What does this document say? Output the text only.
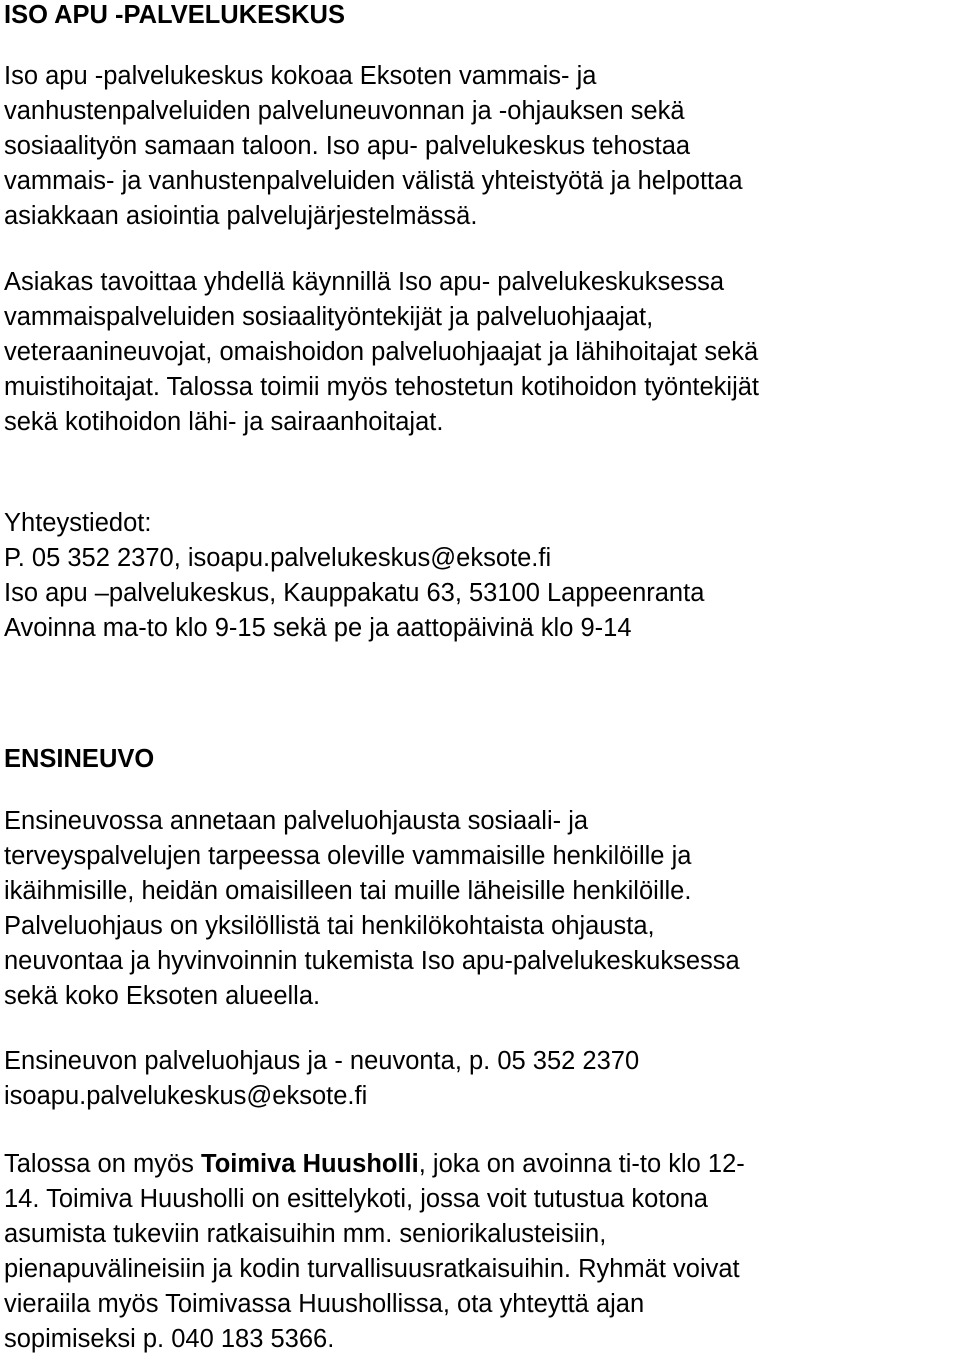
ISO APU -PALVELUKESKUS
Iso apu -palvelukeskus kokoaa Eksoten vammais- ja
vanhustenpalveluiden palveluneuvonnan ja -ohjauksen sekä
sosiaalityön samaan taloon. Iso apu- palvelukeskus tehostaa
vammais- ja vanhustenpalveluiden välistä yhteistyötä ja helpottaa
asiakkaan asiointia palvelujärjestelmässä.
Asiakas tavoittaa yhdellä käynnillä Iso apu- palvelukeskuksessa
vammaispalveluiden sosiaalityöntekijät ja palveluohjaajat,
veteraanineuvojat, omaishoidon palveluohjaajat ja lähihoitajat sekä
muistihoitajat. Talossa toimii myös tehostetun kotihoidon työntekijät
sekä kotihoidon lähi- ja sairaanhoitajat.
Yhteystiedot:
P. 05 352 2370, isoapu.palvelukeskus@eksote.fi
Iso apu –palvelukeskus, Kauppakatu 63, 53100 Lappeenranta
Avoinna ma-to klo 9-15 sekä pe ja aattopäivinä klo 9-14
ENSINEUVO
Ensineuvossa annetaan palveluohjausta sosiaali- ja
terveyspalvelujen tarpeessa oleville vammaisille henkilöille ja
ikäihmisille, heidän omaisilleen tai muille läheisille henkilöille.
Palveluohjaus on yksilöllistä tai henkilökohtaista ohjausta,
neuvontaa ja hyvinvoinnin tukemista Iso apu-palvelukeskuksessa
sekä koko Eksoten alueella.
Ensineuvon palveluohjaus ja - neuvonta, p. 05 352 2370
isoapu.palvelukeskus@eksote.fi
Talossa on myös Toimiva Huusholli, joka on avoinna ti-to klo 12-
14. Toimiva Huusholli on esittelykoti, jossa voit tutustua kotona
asumista tukeviin ratkaisuihin mm. seniorikalusteisiin,
pienapuvälineisiin ja kodin turvallisuusratkaisuihin. Ryhmät voivat
vieraiila myös Toimivassa Huushollissa, ota yhteyttä ajan
sopimiseksi p. 040 183 5366.
